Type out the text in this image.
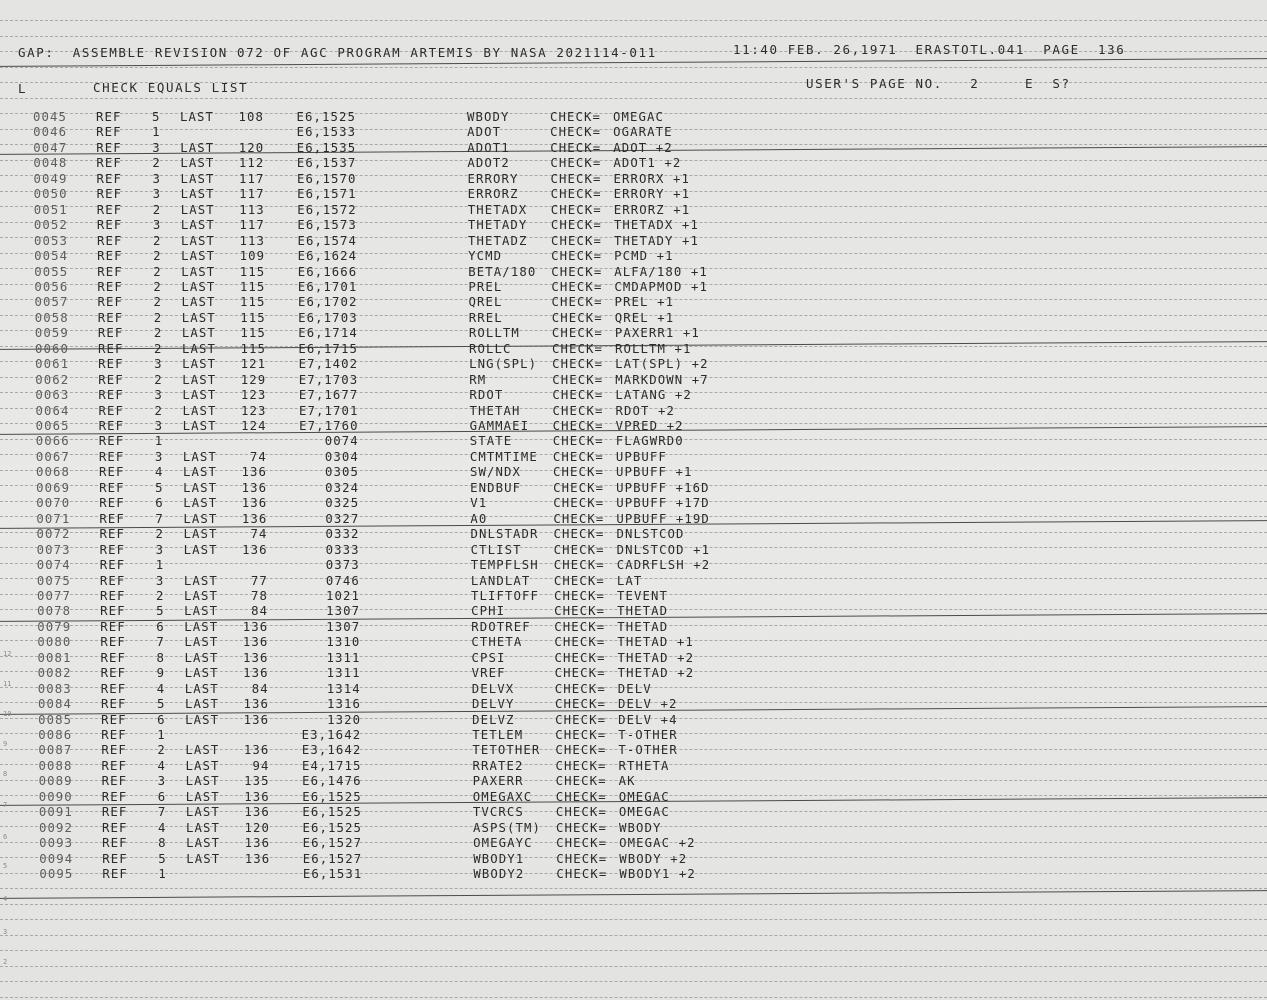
GAP:  ASSEMBLE REVISION 072 OF AGC PROGRAM ARTEMIS BY NASA 2021114-011	11:40 FEB. 26,1971  ERASTOTL.041  PAGE  136
L	CHECK EQUALS LIST	USER'S PAGE NO.   2     E  S?
0045 REF 5 LAST 108	E6,1525	WBODY	CHECK= OMEGAC
0046 REF 1	E6,1533	ADOT	CHECK= OGARATE
0047 REF 3 LAST 120	E6,1535	ADOT1	CHECK= ADOT +2
0048 REF 2 LAST 112	E6,1537	ADOT2	CHECK= ADOT1 +2
0049 REF 3 LAST 117	E6,1570	ERRORY	CHECK= ERRORX +1
0050 REF 3 LAST 117	E6,1571	ERRORZ	CHECK= ERRORY +1
0051 REF 2 LAST 113	E6,1572	THETADX CHECK= ERRORZ +1
0052 REF 3 LAST 117	E6,1573	THETADY CHECK= THETADX +1
0053 REF 2 LAST 113	E6,1574	THETADZ CHECK= THETADY +1
0054 REF 2 LAST 109	E6,1624	YCMD	CHECK= PCMD +1
0055 REF 2 LAST 115	E6,1666	BETA/180 CHECK= ALFA/180 +1
0056 REF 2 LAST 115	E6,1701	PREL	CHECK= CMDAPMOD +1
0057 REF 2 LAST 115	E6,1702	QREL	CHECK= PREL +1
0058 REF 2 LAST 115	E6,1703	RREL	CHECK= QREL +1
0059 REF 2 LAST 115	E6,1714	ROLLTM	CHECK= PAXERR1 +1
0060 REF 2 LAST 115	E6,1715	ROLLC	CHECK= ROLLTM +1
0061 REF 3 LAST 121	E7,1402	LNG(SPL) CHECK= LAT(SPL) +2
0062 REF 2 LAST 129	E7,1703	RM	CHECK= MARKDOWN +7
0063 REF 3 LAST 123	E7,1677	RDOT	CHECK= LATANG +2
0064 REF 2 LAST 123	E7,1701	THETAH	CHECK= RDOT +2
0065 REF 3 LAST 124	E7,1760	GAMMAEI CHECK= VPRED +2
0066 REF 1	0074	STATE	CHECK= FLAGWRD0
0067 REF 3 LAST	74	0304	CMTMTIME CHECK= UPBUFF
0068 REF 4 LAST 136	0305	SW/NDX	CHECK= UPBUFF +1
0069 REF 5 LAST 136	0324	ENDBUF	CHECK= UPBUFF +16D
0070 REF 6 LAST 136	0325	V1	CHECK= UPBUFF +17D
0071 REF 7 LAST 136	0327	A0	CHECK= UPBUFF +19D
0072 REF 2 LAST	74	0332	DNLSTADR CHECK= DNLSTCOD
0073 REF 3 LAST 136	0333	CTLIST	CHECK= DNLSTCOD +1
0074 REF 1	0373	TEMPFLSH CHECK= CADRFLSH +2
0075 REF 3 LAST	77	0746	LANDLAT CHECK= LAT
0077 REF 2 LAST	78	1021	TLIFTOFF CHECK= TEVENT
0078 REF 5 LAST	84	1307	CPHI	CHECK= THETAD
0079 REF 6 LAST 136	1307	RDOTREF CHECK= THETAD
0080 REF 7 LAST 136	1310	CTHETA	CHECK= THETAD +1
0081 REF 8 LAST 136	1311	CPSI	CHECK= THETAD +2
0082 REF 9 LAST 136	1311	VREF	CHECK= THETAD +2
0083 REF 4 LAST	84	1314	DELVX	CHECK= DELV
0084 REF 5 LAST 136	1316	DELVY	CHECK= DELV +2
0085 REF 6 LAST 136	1320	DELVZ	CHECK= DELV +4
0086 REF 1	E3,1642	TETLEM	CHECK= T-OTHER
0087 REF 2 LAST 136	E3,1642	TETOTHER CHECK= T-OTHER
0088 REF 4 LAST	94	E4,1715	RRATE2	CHECK= RTHETA
0089 REF 3 LAST 135	E6,1476	PAXERR	CHECK= AK
0090 REF 6 LAST 136	E6,1525	OMEGAXC CHECK= OMEGAC
0091 REF 7 LAST 136	E6,1525	TVCRCS	CHECK= OMEGAC
0092 REF 4 LAST 120	E6,1525	ASPS(TM) CHECK= WBODY
0093 REF 8 LAST 136	E6,1527	OMEGAYC CHECK= OMEGAC +2
0094 REF 5 LAST 136	E6,1527	WBODY1	CHECK= WBODY +2
0095 REF 1	E6,1531	WBODY2	CHECK= WBODY1 +2
12
11
10
9
8
7
6
5
4
3
2
